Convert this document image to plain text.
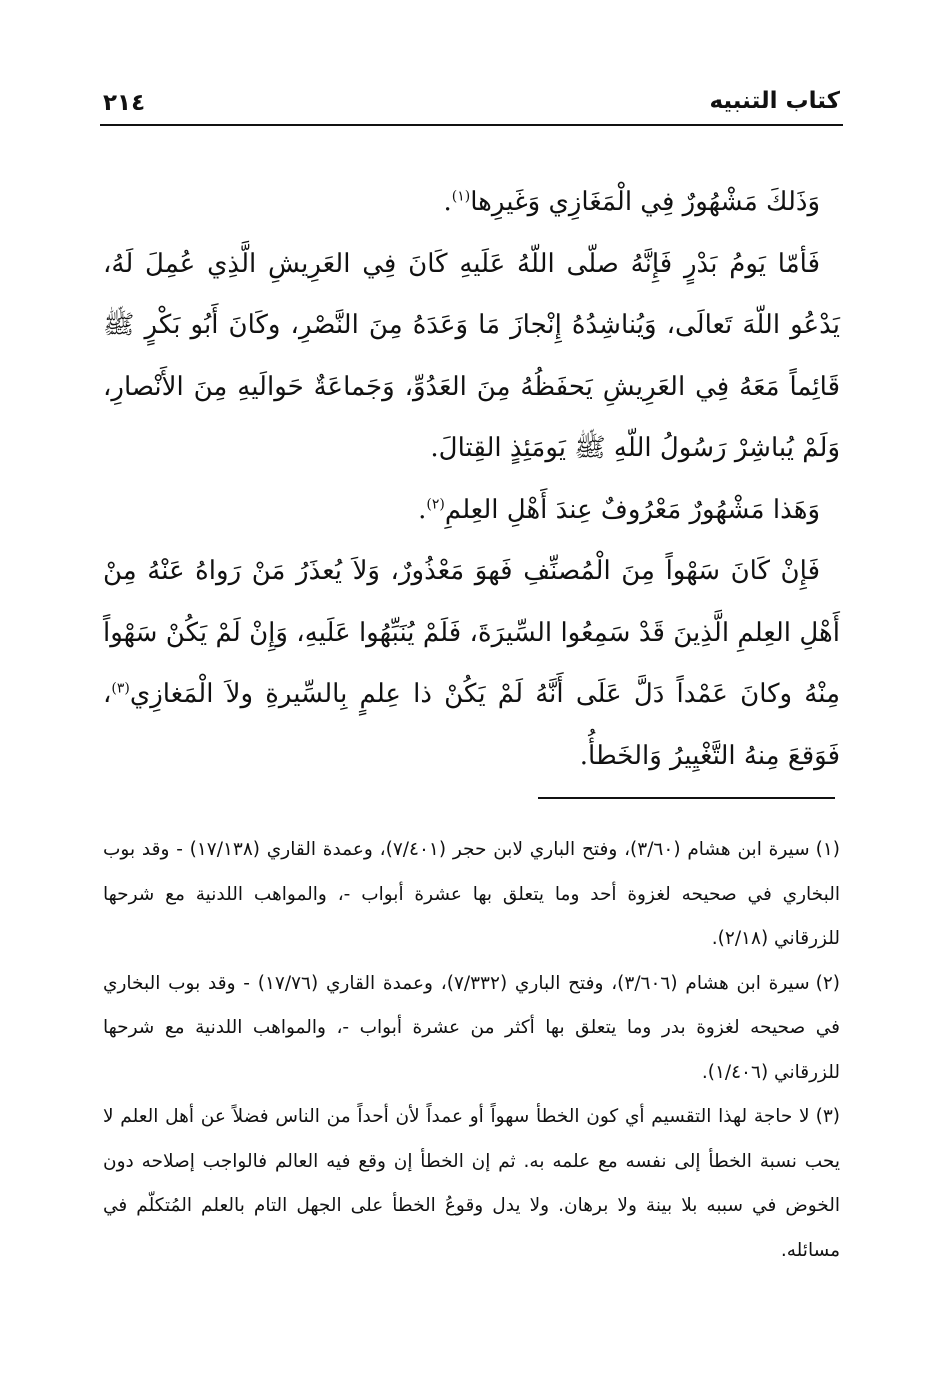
كتاب التنبيه
٢١٤

وَذَلكَ مَشْهُورٌ فِي الْمَغَازِي وَغَيرِها$^{(١)}$.

فَأمّا يَومُ بَدْرٍ فَإِنَّهُ صلّى اللّهُ عَلَيهِ كَانَ فِي العَرِيشِ الَّذِي عُمِلَ لَهُ، يَدْعُو اللّهَ تَعالَى، وَيُناشِدُهُ إِنْجازَ مَا وَعَدَهُ مِنَ النَّصْرِ، وكَانَ أَبُو بَكْرٍ ﷺ قَائِماً مَعَهُ فِي العَرِيشِ يَحفَظُهُ مِنَ العَدُوِّ، وَجَماعَةٌ حَوالَيهِ مِنَ الأَنْصارِ، وَلَمْ يُباشِرْ رَسُولُ اللّهِ ﷺ يَومَئِذٍ القِتالَ.

وَهَذا مَشْهُورٌ مَعْرُوفٌ عِندَ أَهْلِ العِلمِ$^{(٢)}$.

فَإِنْ كَانَ سَهْواً مِنَ الْمُصنِّفِ فَهوَ مَعْذُورٌ، وَلاَ يُعذَرُ مَنْ رَواهُ عَنْهُ مِنْ أَهْلِ العِلمِ الَّذِينَ قَدْ سَمِعُوا السِّيرَةَ، فَلَمْ يُنَبِّهُوا عَلَيهِ، وَإِنْ لَمْ يَكُنْ سَهْواً مِنْهُ وكانَ عَمْداً دَلَّ عَلَى أَنَّهُ لَمْ يَكُنْ ذا عِلمٍ بِالسِّيرةِ ولاَ الْمَغازِي$^{(٣)}$، فَوَقعَ مِنهُ التَّغْيِيرُ وَالخَطأُ.

(١)سيرة ابن هشام (٣/٦٠)، وفتح الباري لابن حجر (٧/٤٠١)، وعمدة القاري (١٧/١٣٨) - وقد بوب البخاري في صحيحه لغزوة أحد وما يتعلق بها عشرة أبواب -، والمواهب اللدنية مع شرحها للزرقاني (٢/١٨).

(٢)سيرة ابن هشام (٣/٦٠٦)، وفتح الباري (٧/٣٣٢)، وعمدة القاري (١٧/٧٦) - وقد بوب البخاري في صحيحه لغزوة بدر وما يتعلق بها أكثر من عشرة أبواب -، والمواهب اللدنية مع شرحها للزرقاني (١/٤٠٦).

(٣)لا حاجة لهذا التقسيم أي كون الخطأ سهواً أو عمداً لأن أحداً من الناس فضلاً عن أهل العلم لا يحب نسبة الخطأ إلى نفسه مع علمه به. ثم إن الخطأ إن وقع فيه العالم فالواجب إصلاحه دون الخوض في سببه بلا بينة ولا برهان. ولا يدل وقوعُ الخطأ على الجهل التام بالعلم المُتكلّم في مسائله.
